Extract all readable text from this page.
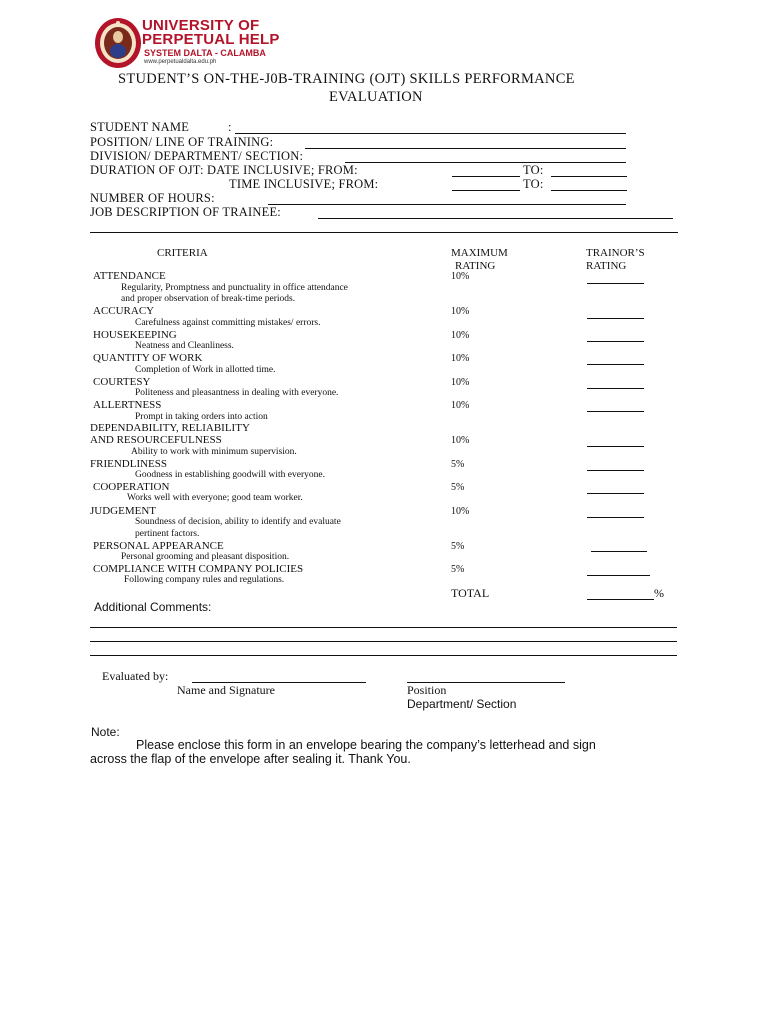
UNIVERSITY OF
PERPETUAL HELP
SYSTEM DALTA - CALAMBA
www.perpetualdalta.edu.ph
STUDENT’S ON-THE-J0B-TRAINING (OJT) SKILLS PERFORMANCE
EVALUATION
STUDENT NAME	:
POSITION/ LINE OF TRAINING:
DIVISION/ DEPARTMENT/ SECTION:
DURATION OF OJT: DATE INCLUSIVE; FROM:	TO:
TIME INCLUSIVE; FROM:	TO:
NUMBER OF HOURS:
JOB DESCRIPTION OF TRAINEE:
CRITERIA	MAXIMUM
RATING
TRAINOR’S
RATING
ATTENDANCE
Regularity, Promptness and punctuality in office attendance
and proper observation of break-time periods.
10%
ACCURACY
Carefulness against committing mistakes/ errors.
10%
HOUSEKEEPING
Neatness and Cleanliness.
10%
QUANTITY OF WORK
Completion of Work in allotted time.
10%
COURTESY
Politeness and pleasantness in dealing with everyone.
10%
ALLERTNESS
Prompt in taking orders into action
10%
DEPENDABILITY, RELIABILITY
AND RESOURCEFULNESS
Ability to work with minimum supervision.
10%
FRIENDLINESS
Goodness in establishing goodwill with everyone.
5%
COOPERATION
Works well with everyone; good team worker.
5%
JUDGEMENT
Soundness of decision, ability to identify and evaluate
pertinent factors.
10%
PERSONAL APPEARANCE
Personal grooming and pleasant disposition.
5%
COMPLIANCE WITH COMPANY POLICIES
Following company rules and regulations.
5%
TOTAL	%
Additional Comments:
Evaluated by:
Name and Signature	Position
Department/ Section
Note:
Please enclose this form in an envelope bearing the company’s letterhead and sign
across the flap of the envelope after sealing it. Thank You.
